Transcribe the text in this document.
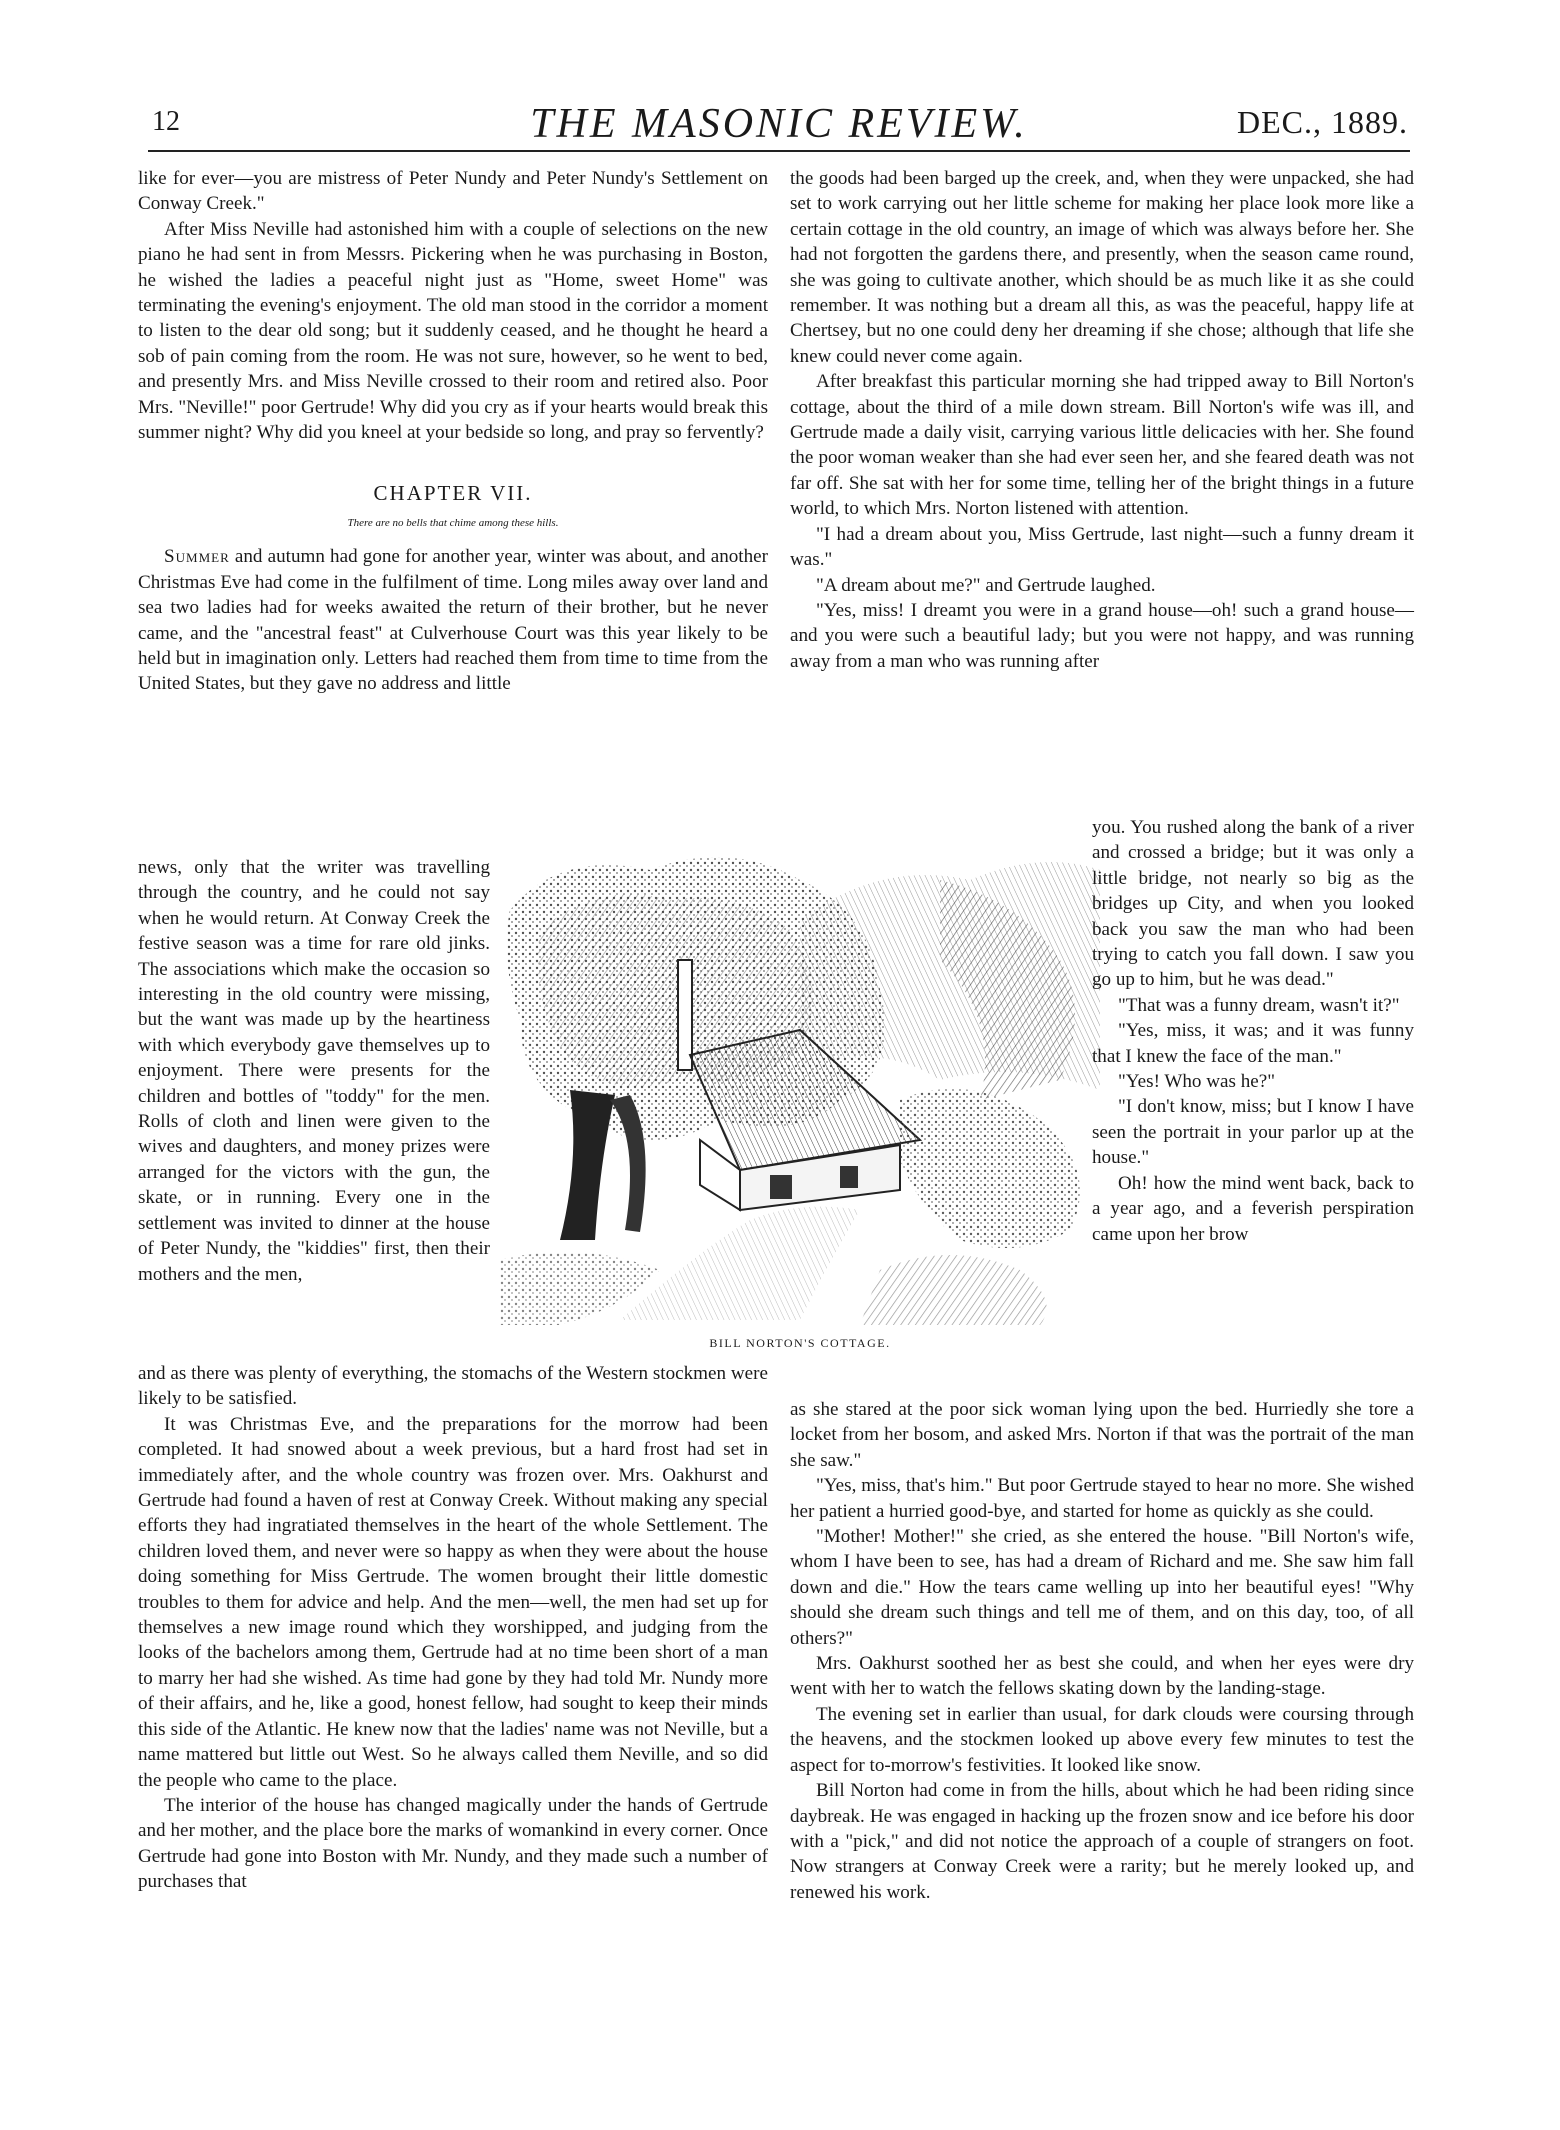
12	THE MASONIC REVIEW.	DEC., 1889.

like for ever—you are mistress of Peter Nundy and Peter Nundy's Settlement on Conway Creek."

After Miss Neville had astonished him with a couple of selections on the new piano he had sent in from Messrs. Pickering when he was purchasing in Boston, he wished the ladies a peaceful night just as "Home, sweet Home" was terminating the evening's enjoyment. The old man stood in the corridor a moment to listen to the dear old song; but it suddenly ceased, and he thought he heard a sob of pain coming from the room. He was not sure, however, so he went to bed, and presently Mrs. and Miss Neville crossed to their room and retired also. Poor Mrs. "Neville!" poor Gertrude! Why did you cry as if your hearts would break this summer night? Why did you kneel at your bedside so long, and pray so fervently?

CHAPTER VII.
There are no bells that chime among these hills.

Summer and autumn had gone for another year, winter was about, and another Christmas Eve had come in the fulfilment of time. Long miles away over land and sea two ladies had for weeks awaited the return of their brother, but he never came, and the "ancestral feast" at Culverhouse Court was this year likely to be held but in imagination only. Letters had reached them from time to time from the United States, but they gave no address and little

news, only that the writer was travelling through the country, and he could not say when he would return. At Conway Creek the festive season was a time for rare old jinks. The associations which make the occasion so interesting in the old country were missing, but the want was made up by the heartiness with which everybody gave themselves up to enjoyment. There were presents for the children and bottles of "toddy" for the men. Rolls of cloth and linen were given to the wives and daughters, and money prizes were arranged for the victors with the gun, the skate, or in running. Every one in the settlement was invited to dinner at the house of Peter Nundy, the "kiddies" first, then their mothers and the men,

BILL NORTON'S COTTAGE.

and as there was plenty of everything, the stomachs of the Western stockmen were likely to be satisfied.

It was Christmas Eve, and the preparations for the morrow had been completed. It had snowed about a week previous, but a hard frost had set in immediately after, and the whole country was frozen over. Mrs. Oakhurst and Gertrude had found a haven of rest at Conway Creek. Without making any special efforts they had ingratiated themselves in the heart of the whole Settlement. The children loved them, and never were so happy as when they were about the house doing something for Miss Gertrude. The women brought their little domestic troubles to them for advice and help. And the men—well, the men had set up for themselves a new image round which they worshipped, and judging from the looks of the bachelors among them, Gertrude had at no time been short of a man to marry her had she wished. As time had gone by they had told Mr. Nundy more of their affairs, and he, like a good, honest fellow, had sought to keep their minds this side of the Atlantic. He knew now that the ladies' name was not Neville, but a name mattered but little out West. So he always called them Neville, and so did the people who came to the place.

The interior of the house has changed magically under the hands of Gertrude and her mother, and the place bore the marks of womankind in every corner. Once Gertrude had gone into Boston with Mr. Nundy, and they made such a number of purchases that

the goods had been barged up the creek, and, when they were unpacked, she had set to work carrying out her little scheme for making her place look more like a certain cottage in the old country, an image of which was always before her. She had not forgotten the gardens there, and presently, when the season came round, she was going to cultivate another, which should be as much like it as she could remember. It was nothing but a dream all this, as was the peaceful, happy life at Chertsey, but no one could deny her dreaming if she chose; although that life she knew could never come again.

After breakfast this particular morning she had tripped away to Bill Norton's cottage, about the third of a mile down stream. Bill Norton's wife was ill, and Gertrude made a daily visit, carrying various little delicacies with her. She found the poor woman weaker than she had ever seen her, and she feared death was not far off. She sat with her for some time, telling her of the bright things in a future world, to which Mrs. Norton listened with attention.

"I had a dream about you, Miss Gertrude, last night—such a funny dream it was."

"A dream about me?" and Gertrude laughed.

"Yes, miss! I dreamt you were in a grand house—oh! such a grand house—and you were such a beautiful lady; but you were not happy, and was running away from a man who was running after

you. You rushed along the bank of a river and crossed a bridge; but it was only a little bridge, not nearly so big as the bridges up City, and when you looked back you saw the man who had been trying to catch you fall down. I saw you go up to him, but he was dead."

"That was a funny dream, wasn't it?"

"Yes, miss, it was; and it was funny that I knew the face of the man."

"Yes! Who was he?"

"I don't know, miss; but I know I have seen the portrait in your parlor up at the house."

Oh! how the mind went back, back to a year ago, and a feverish perspiration came upon her brow

as she stared at the poor sick woman lying upon the bed. Hurriedly she tore a locket from her bosom, and asked Mrs. Norton if that was the portrait of the man she saw."

"Yes, miss, that's him." But poor Gertrude stayed to hear no more. She wished her patient a hurried good-bye, and started for home as quickly as she could.

"Mother! Mother!" she cried, as she entered the house. "Bill Norton's wife, whom I have been to see, has had a dream of Richard and me. She saw him fall down and die." How the tears came welling up into her beautiful eyes! "Why should she dream such things and tell me of them, and on this day, too, of all others?"

Mrs. Oakhurst soothed her as best she could, and when her eyes were dry went with her to watch the fellows skating down by the landing-stage.

The evening set in earlier than usual, for dark clouds were coursing through the heavens, and the stockmen looked up above every few minutes to test the aspect for to-morrow's festivities. It looked like snow.

Bill Norton had come in from the hills, about which he had been riding since daybreak. He was engaged in hacking up the frozen snow and ice before his door with a "pick," and did not notice the approach of a couple of strangers on foot. Now strangers at Conway Creek were a rarity; but he merely looked up, and renewed his work.
